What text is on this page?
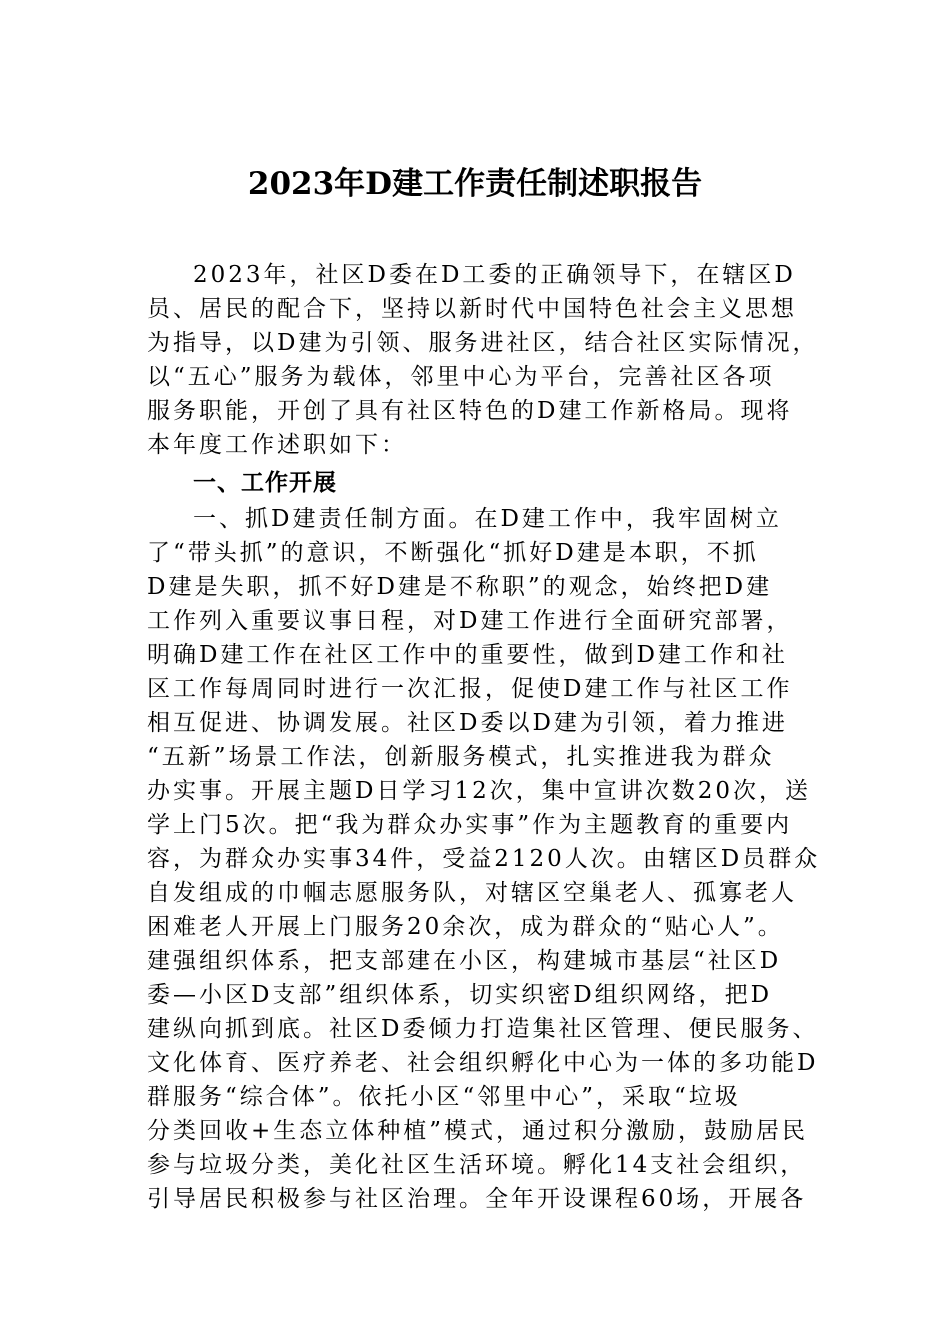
2023年D建工作责任制述职报告
2023年，社区D委在D工委的正确领导下，在辖区D
员、居民的配合下，坚持以新时代中国特色社会主义思想
为指导，以D建为引领、服务进社区，结合社区实际情况，
以“五心”服务为载体，邻里中心为平台，完善社区各项
服务职能，开创了具有社区特色的D建工作新格局。现将
本年度工作述职如下：
一、工作开展
一、抓D建责任制方面。在D建工作中，我牢固树立
了“带头抓”的意识，不断强化“抓好D建是本职，不抓
D建是失职，抓不好D建是不称职”的观念，始终把D建
工作列入重要议事日程，对D建工作进行全面研究部署，
明确D建工作在社区工作中的重要性，做到D建工作和社
区工作每周同时进行一次汇报，促使D建工作与社区工作
相互促进、协调发展。社区D委以D建为引领，着力推进
“五新”场景工作法，创新服务模式，扎实推进我为群众
办实事。开展主题D日学习12次，集中宣讲次数20次，送
学上门5次。把“我为群众办实事”作为主题教育的重要内
容，为群众办实事34件，受益2120人次。由辖区D员群众
自发组成的巾帼志愿服务队，对辖区空巢老人、孤寡老人
困难老人开展上门服务20余次，成为群众的“贴心人”。
建强组织体系，把支部建在小区，构建城市基层“社区D
委—小区D支部”组织体系，切实织密D组织网络，把D
建纵向抓到底。社区D委倾力打造集社区管理、便民服务、
文化体育、医疗养老、社会组织孵化中心为一体的多功能D
群服务“综合体”。依托小区“邻里中心”，采取“垃圾
分类回收+生态立体种植”模式，通过积分激励，鼓励居民
参与垃圾分类，美化社区生活环境。孵化14支社会组织，
引导居民积极参与社区治理。全年开设课程60场，开展各
